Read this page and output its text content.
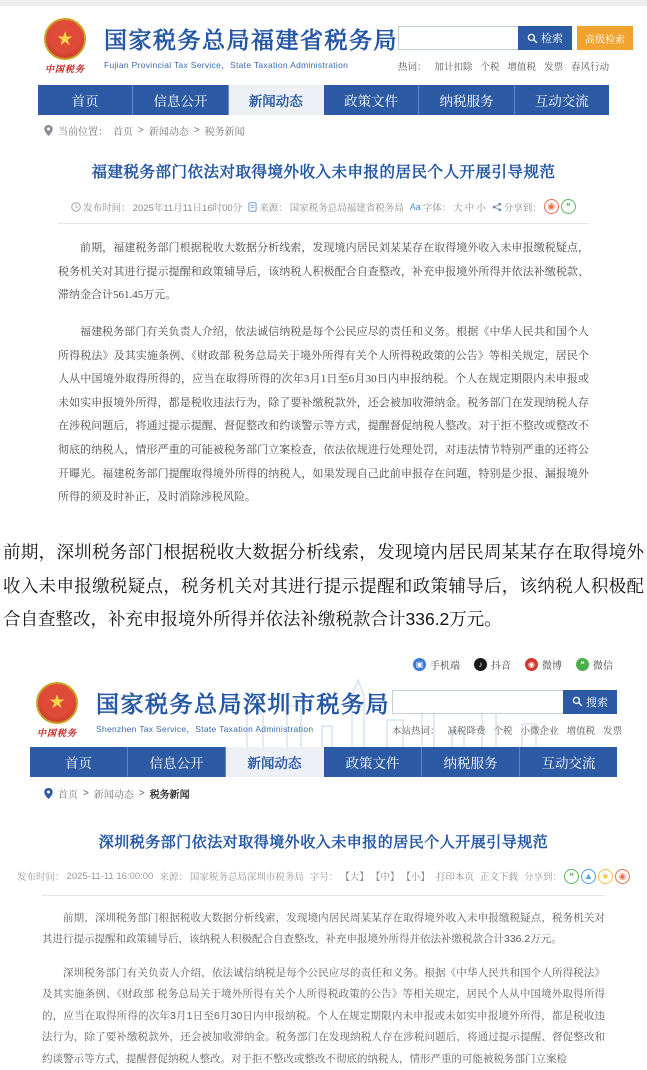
★
中国税务
国家税务总局福建省税务局
Fujian Provincial Tax Service，State Taxation Administration
检索	高级检索
热词： 加计扣除 个税 增值税 发票 春风行动
首页	信息公开	新闻动态	政策文件	纳税服务	互动交流
当前位置： 首页 > 新闻动态 > 税务新闻
福建税务部门依法对取得境外收入未申报的居民个人开展引导规范
发布时间： 2025年11月11日16时00分 来源： 国家税务总局福建省税务局 Aa 字体： 大 中 小 分享到： ◉	❝

前期，福建税务部门根据税收大数据分析线索，发现境内居民刘某某存在取得境外收入未申报缴税疑点，税务机关对其进行提示提醒和政策辅导后，该纳税人积极配合自查整改，补充申报境外所得并依法补缴税款、滞纳金合计561.45万元。

福建税务部门有关负责人介绍，依法诚信纳税是每个公民应尽的责任和义务。根据《中华人民共和国个人所得税法》及其实施条例、《财政部 税务总局关于境外所得有关个人所得税政策的公告》等相关规定，居民个人从中国境外取得所得的，应当在取得所得的次年3月1日至6月30日内申报纳税。个人在规定期限内未申报或未如实申报境外所得，都是税收违法行为，除了要补缴税款外，还会被加收滞纳金。税务部门在发现纳税人存在涉税问题后，将通过提示提醒、督促整改和约谈警示等方式，提醒督促纳税人整改。对于拒不整改或整改不彻底的纳税人，情形严重的可能被税务部门立案检查，依法依规进行处理处罚，对违法情节特别严重的还将公开曝光。福建税务部门提醒取得境外所得的纳税人，如果发现自己此前申报存在问题，特别是少报、漏报境外所得的须及时补正，及时消除涉税风险。

前期，深圳税务部门根据税收大数据分析线索，发现境内居民周某某存在取得境外收入未申报缴税疑点，税务机关对其进行提示提醒和政策辅导后，该纳税人积极配合自查整改，补充申报境外所得并依法补缴税款合计336.2万元。
▣ 手机端	♪ 抖音	◉ 微博	❝ 微信
★
中国税务
国家税务总局深圳市税务局
Shenzhen Tax Service，State Taxation Administration
搜索
本站热词： 减税降费 个税 小微企业 增值税 发票
首页	信息公开	新闻动态	政策文件	纳税服务	互动交流
首页 > 新闻动态 > 税务新闻
深圳税务部门依法对取得境外收入未申报的居民个人开展引导规范
发布时间： 2025-11-11 16:00:00 来源： 国家税务总局深圳市税务局 字号： 【大】 【中】 【小】 打印本页 正文下载 分享到： ❝	▲ ★	◉

前期，深圳税务部门根据税收大数据分析线索，发现境内居民周某某存在取得境外收入未申报缴税疑点，税务机关对其进行提示提醒和政策辅导后，该纳税人积极配合自查整改，补充申报境外所得并依法补缴税款合计336.2万元。

深圳税务部门有关负责人介绍，依法诚信纳税是每个公民应尽的责任和义务。根据《中华人民共和国个人所得税法》及其实施条例、《财政部 税务总局关于境外所得有关个人所得税政策的公告》等相关规定，居民个人从中国境外取得所得的，应当在取得所得的次年3月1日至6月30日内申报纳税。个人在规定期限内未申报或未如实申报境外所得，都是税收违法行为，除了要补缴税款外，还会被加收滞纳金。税务部门在发现纳税人存在涉税问题后，将通过提示提醒、督促整改和约谈警示等方式，提醒督促纳税人整改。对于拒不整改或整改不彻底的纳税人，情形严重的可能被税务部门立案检
